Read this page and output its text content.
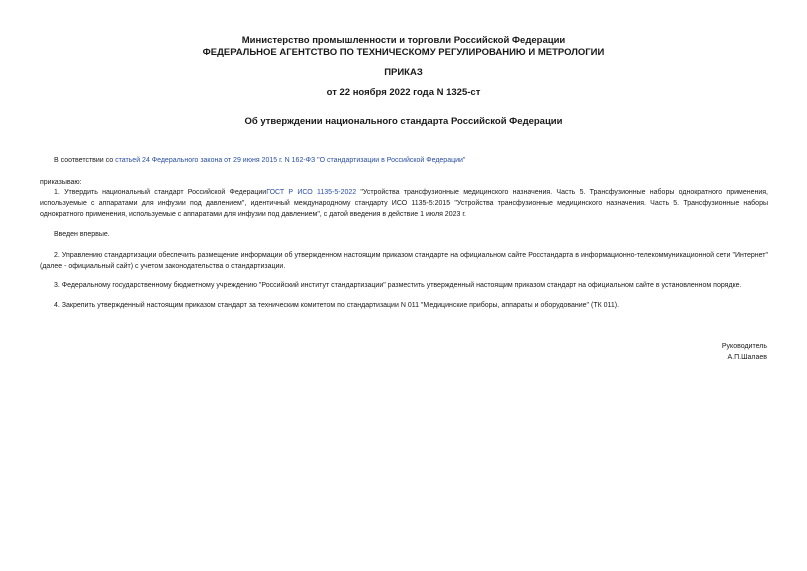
Министерство промышленности и торговли Российской Федерации
ФЕДЕРАЛЬНОЕ АГЕНТСТВО ПО ТЕХНИЧЕСКОМУ РЕГУЛИРОВАНИЮ И МЕТРОЛОГИИ
ПРИКАЗ
от 22 ноября 2022 года N 1325-ст
Об утверждении национального стандарта Российской Федерации
В соответствии со статьей 24 Федерального закона от 29 июня 2015 г. N 162-ФЗ "О стандартизации в Российской Федерации"
приказываю:
1. Утвердить национальный стандарт Российской ФедерацииГОСТ Р ИСО 1135-5-2022 "Устройства трансфузионные медицинского назначения. Часть 5. Трансфузионные наборы однократного применения, используемые с аппаратами для инфузии под давлением", идентичный международному стандарту ИСО 1135-5:2015 "Устройства трансфузионные медицинского назначения. Часть 5. Трансфузионные наборы однократного применения, используемые с аппаратами для инфузии под давлением", с датой введения в действие 1 июля 2023 г.
Введен впервые.
2. Управлению стандартизации обеспечить размещение информации об утвержденном настоящим приказом стандарте на официальном сайте Росстандарта в информационно-телекоммуникационной сети "Интернет" (далее - официальный сайт) с учетом законодательства о стандартизации.
3. Федеральному государственному бюджетному учреждению "Российский институт стандартизации" разместить утвержденный настоящим приказом стандарт на официальном сайте в установленном порядке.
4. Закрепить утвержденный настоящим приказом стандарт за техническим комитетом по стандартизации N 011 "Медицинские приборы, аппараты и оборудование" (ТК 011).
Руководитель
А.П.Шалаев
